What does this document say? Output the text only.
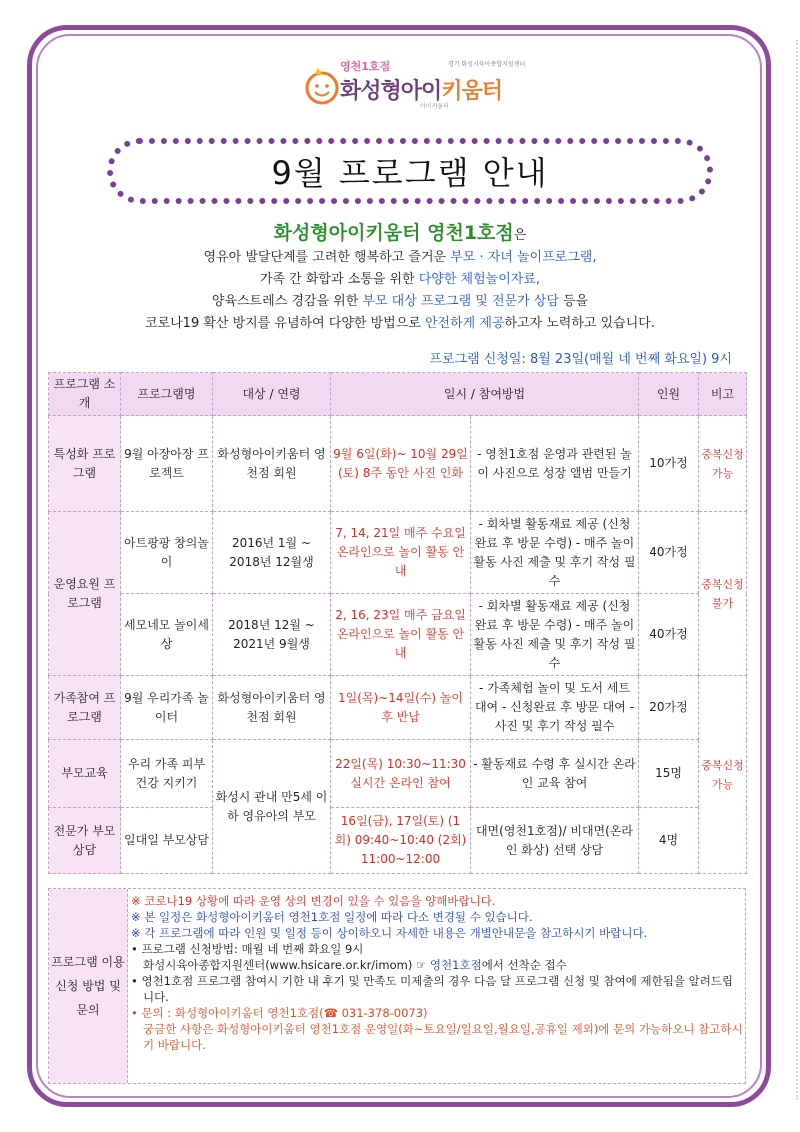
영천1호점	경기 화성시육아종합지원센터
화성형아이키움터
아이키움터
9월 프로그램 안내
화성형아이키움터 영천1호점은
영유아 발달단계를 고려한 행복하고 즐거운 부모 · 자녀 놀이프로그램,
가족 간 화합과 소통을 위한 다양한 체험놀이자료,
양육스트레스 경감을 위한 부모 대상 프로그램 및 전문가 상담 등을
코로나19 확산 방지를 유념하여 다양한 방법으로 안전하게 제공하고자 노력하고 있습니다.
프로그램 신청일: 8월 23일(매월 네 번째 화요일) 9시
프로그램 소개	프로그램명	대상 / 연령	일시 / 참여방법		인원	비고
특성화 프로그램	9월 아장아장 프로젝트	화성형아이키움터 영천점 회원	9월 6일(화)~ 10월 29일(토) 8주 동안 사진 인화	- 영천1호점 운영과 관련된 놀이 사진으로 성장 앨범 만들기	10가정	중복신청가능
운영요원 프로그램	아트팡팡 창의놀이	2016년 1월 ~ 2018년 12월생	7, 14, 21일 매주 수요일 온라인으로 놀이 활동 안내	- 회차별 활동재료 제공 (신청완료 후 방문 수령) - 매주 놀이 활동 사진 제출 및 후기 작성 필수	40가정	중복신청불가
	세모네모 놀이세상	2018년 12월 ~ 2021년 9월생	2, 16, 23일 매주 금요일 온라인으로 놀이 활동 안내	- 회차별 활동재료 제공 (신청완료 후 방문 수령) - 매주 놀이 활동 사진 제출 및 후기 작성 필수	40가정	
가족참여 프로그램	9월 우리가족 놀이터	화성형아이키움터 영천점 회원	1일(목)~14일(수) 놀이 후 반납	- 가족체험 놀이 및 도서 세트 대여 - 신청완료 후 방문 대여 - 사진 및 후기 작성 필수	20가정	중복신청가능
부모교육	우리 가족 피부건강 지키기	화성시 관내 만5세 이하 영유아의 부모	22일(목) 10:30~11:30 실시간 온라인 참여	- 활동재료 수령 후 실시간 온라인 교육 참여	15명	
전문가 부모상담	일대일 부모상담		16일(금), 17일(토) (1회) 09:40~10:40 (2회) 11:00~12:00	대면(영천1호점)/ 비대면(온라인 화상) 선택 상담	4명	
프로그램 이용신청 방법 및 문의
※ 코로나19 상황에 따라 운영 상의 변경이 있을 수 있음을 양해바랍니다.
※ 본 일정은 화성형아이키움터 영천1호점 일정에 따라 다소 변경될 수 있습니다.
※ 각 프로그램에 따라 인원 및 일정 등이 상이하오니 자세한 내용은 개별안내문을 참고하시기 바랍니다.
• 프로그램 신청방법: 매월 네 번째 화요일 9시
화성시육아종합지원센터(www.hsicare.or.kr/imom) ☞ 영천1호점에서 선착순 접수
• 영천1호점 프로그램 참여시 기한 내 후기 및 만족도 미제출의 경우 다음 달 프로그램 신청 및 참여에 제한됨을 알려드립니다.
• 문의 : 화성형아이키움터 영천1호점(☎ 031-378-0073)
궁금한 사항은 화성형아이키움터 영천1호점 운영일(화~토요일/일요일,월요일,공휴일 제외)에 문의 가능하오니 참고하시기 바랍니다.
